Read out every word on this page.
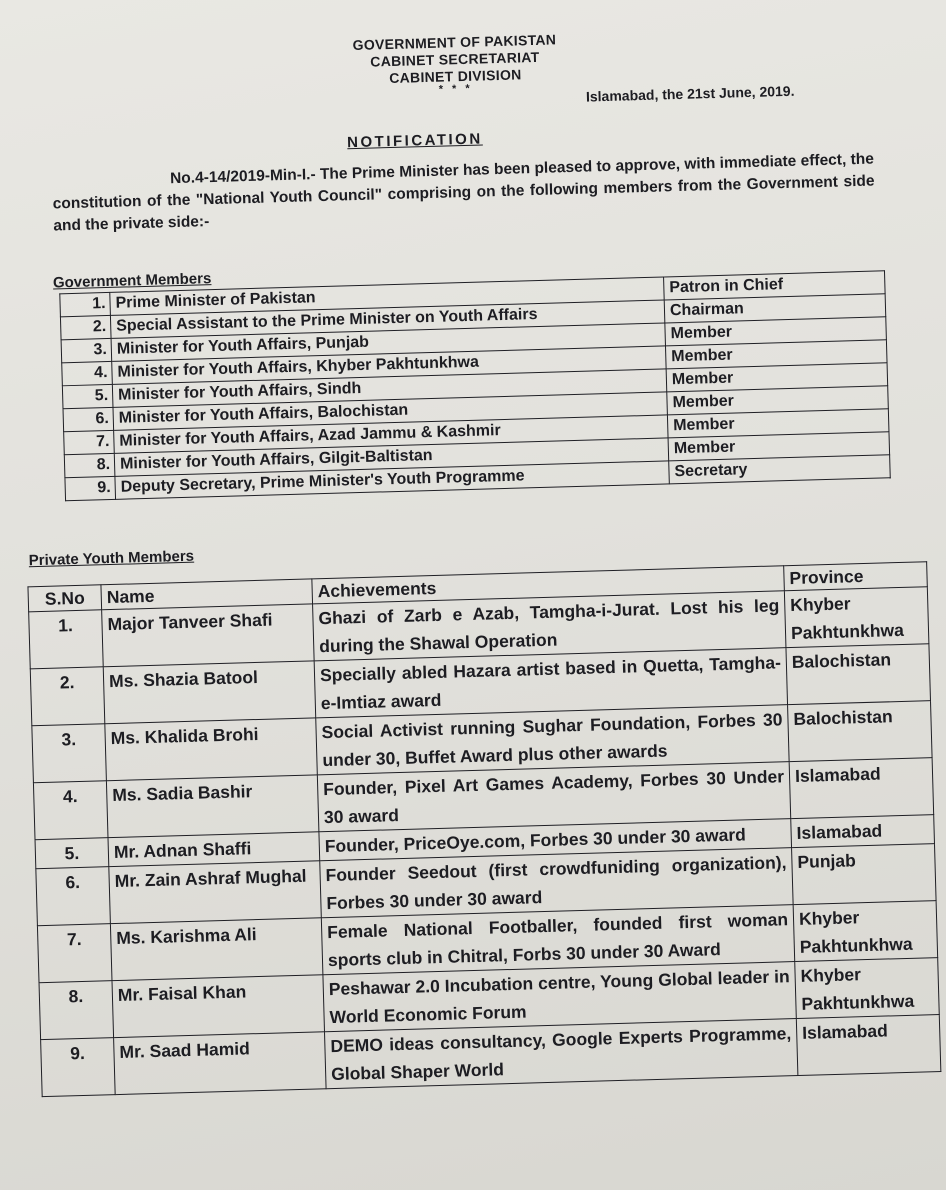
GOVERNMENT OF PAKISTAN
CABINET SECRETARIAT
CABINET DIVISION
* * *	Islamabad, the 21st June, 2019.
NOTIFICATION
No.4-14/2019-Min-I.- The Prime Minister has been pleased to approve, with immediate effect, the constitution of the "National Youth Council" comprising on the following members from the Government side and the private side:-
Government Members
1.	Prime Minister of Pakistan	Patron in Chief
2.	Special Assistant to the Prime Minister on Youth Affairs	Chairman
3.	Minister for Youth Affairs, Punjab	Member
4.	Minister for Youth Affairs, Khyber Pakhtunkhwa	Member
5.	Minister for Youth Affairs, Sindh	Member
6.	Minister for Youth Affairs, Balochistan	Member
7.	Minister for Youth Affairs, Azad Jammu & Kashmir	Member
8.	Minister for Youth Affairs, Gilgit-Baltistan	Member
9.	Deputy Secretary, Prime Minister's Youth Programme	Secretary
Private Youth Members
S.No	Name	Achievements	Province
1.	Major Tanveer Shafi	Ghazi of Zarb e Azab, Tamgha-i-Jurat. Lost his leg during the Shawal Operation	Khyber Pakhtunkhwa
2.	Ms. Shazia Batool	Specially abled Hazara artist based in Quetta, Tamgha-e-Imtiaz award	Balochistan
3.	Ms. Khalida Brohi	Social Activist running Sughar Foundation, Forbes 30 under 30, Buffet Award plus other awards	Balochistan
4.	Ms. Sadia Bashir	Founder, Pixel Art Games Academy, Forbes 30 Under 30 award	Islamabad
5.	Mr. Adnan Shaffi	Founder, PriceOye.com, Forbes 30 under 30 award	Islamabad
6.	Mr. Zain Ashraf Mughal	Founder Seedout (first crowdfuniding organization), Forbes 30 under 30 award	Punjab
7.	Ms. Karishma Ali	Female National Footballer, founded first woman sports club in Chitral, Forbs 30 under 30 Award	Khyber Pakhtunkhwa
8.	Mr. Faisal Khan	Peshawar 2.0 Incubation centre, Young Global leader in World Economic Forum	Khyber Pakhtunkhwa
9.	Mr. Saad Hamid	DEMO ideas consultancy, Google Experts Programme, Global Shaper World	Islamabad
